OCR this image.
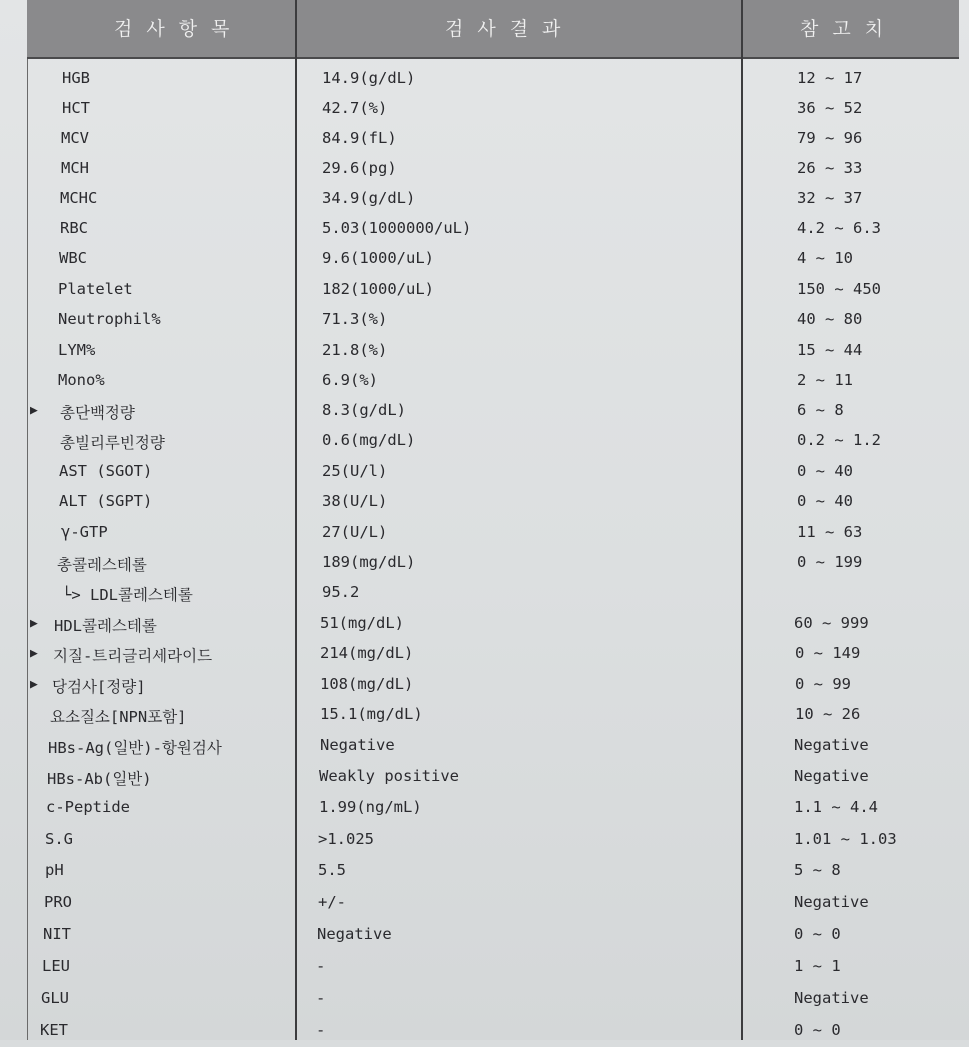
검사항목	검사결과	참고치
HGB	14.9(g/dL)	12 ~ 17
HCT	42.7(%)	36 ~ 52
MCV	84.9(fL)	79 ~ 96
MCH	29.6(pg)	26 ~ 33
MCHC	34.9(g/dL)	32 ~ 37
RBC	5.03(1000000/uL)	4.2 ~ 6.3
WBC	9.6(1000/uL)	4 ~ 10
Platelet	182(1000/uL)	150 ~ 450
Neutrophil%	71.3(%)	40 ~ 80
LYM%	21.8(%)	15 ~ 44
Mono%	6.9(%)	2 ~ 11
▶ 총단백정량	8.3(g/dL)	6 ~ 8
총빌리루빈정량	0.6(mg/dL)	0.2 ~ 1.2
AST (SGOT)	25(U/l)	0 ~ 40
ALT (SGPT)	38(U/L)	0 ~ 40
γ-GTP	27(U/L)	11 ~ 63
총콜레스테롤	189(mg/dL)	0 ~ 199
└> LDL콜레스테롤	95.2
▶ HDL콜레스테롤	51(mg/dL)	60 ~ 999
▶ 지질-트리글리세라이드	214(mg/dL)	0 ~ 149
▶ 당검사[정량]	108(mg/dL)	0 ~ 99
요소질소[NPN포함]	15.1(mg/dL)	10 ~ 26
HBs-Ag(일반)-항원검사	Negative	Negative
HBs-Ab(일반)	Weakly positive	Negative
c-Peptide	1.99(ng/mL)	1.1 ~ 4.4
S.G	>1.025	1.01 ~ 1.03
pH	5.5	5 ~ 8
PRO	+/-	Negative
NIT	Negative	0 ~ 0
LEU	-	1 ~ 1
GLU	-	Negative
KET	-	0 ~ 0
